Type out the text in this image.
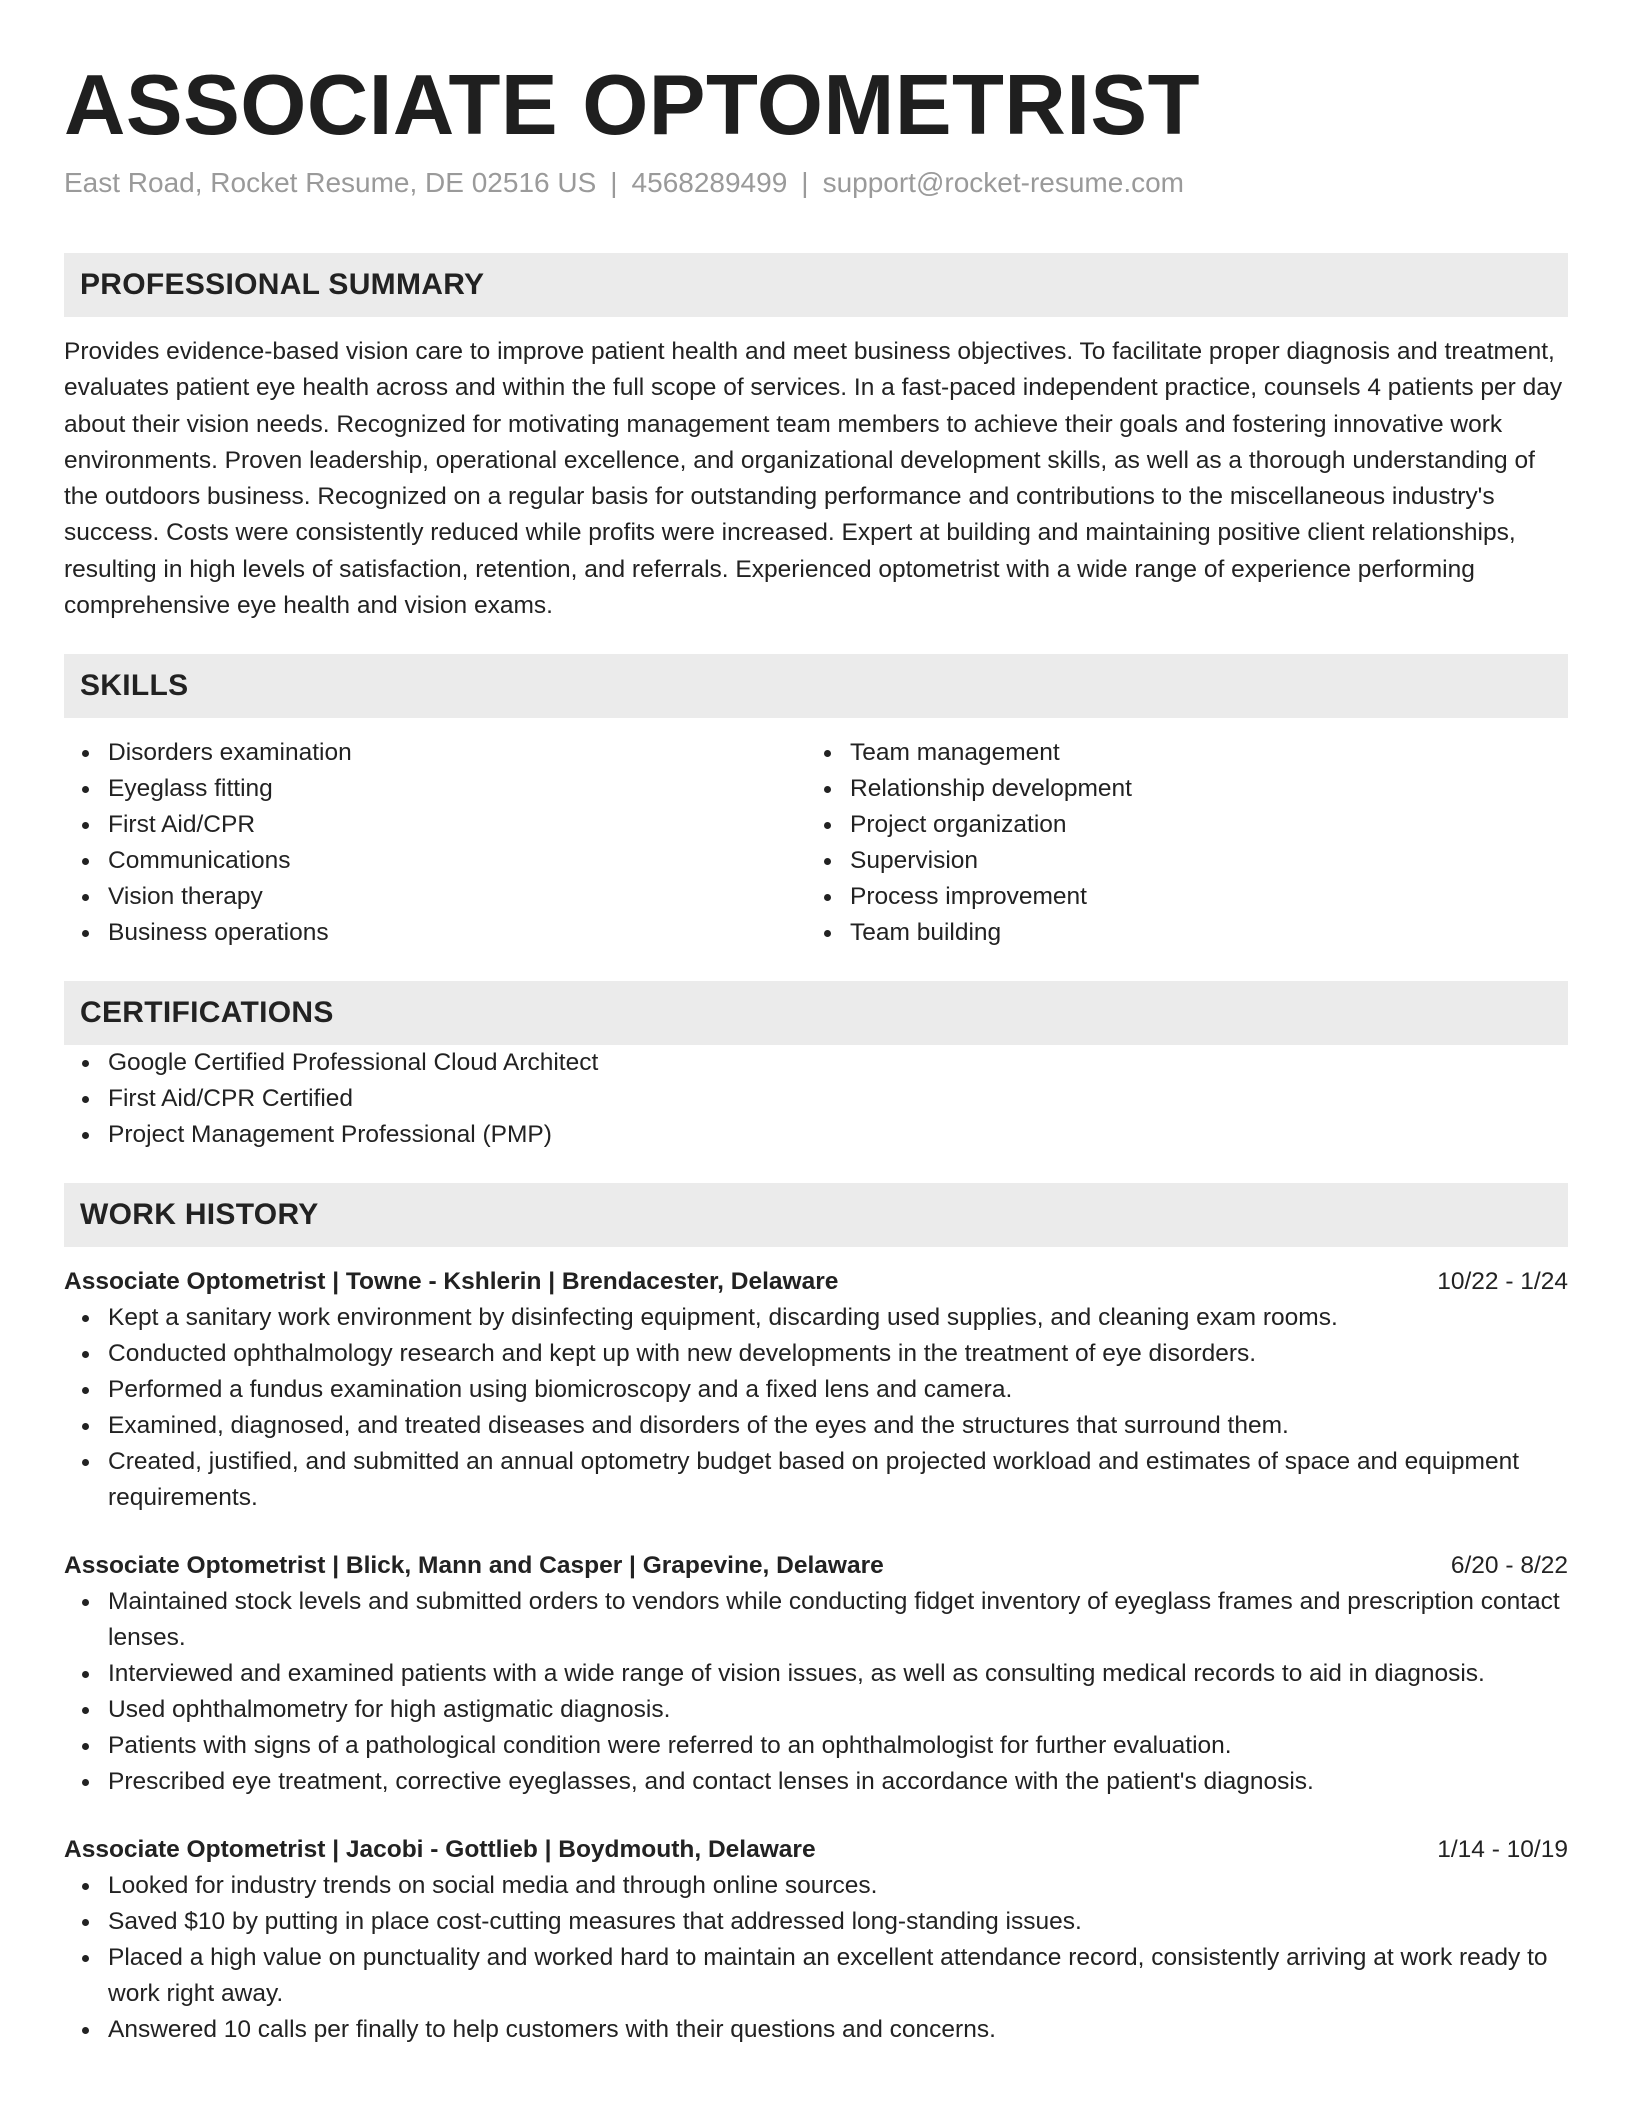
ASSOCIATE OPTOMETRIST
East Road, Rocket Resume, DE 02516 US | 4568289499 | support@rocket-resume.com
PROFESSIONAL SUMMARY
Provides evidence-based vision care to improve patient health and meet business objectives. To facilitate proper diagnosis and treatment, evaluates patient eye health across and within the full scope of services. In a fast-paced independent practice, counsels 4 patients per day about their vision needs. Recognized for motivating management team members to achieve their goals and fostering innovative work environments. Proven leadership, operational excellence, and organizational development skills, as well as a thorough understanding of the outdoors business. Recognized on a regular basis for outstanding performance and contributions to the miscellaneous industry's success. Costs were consistently reduced while profits were increased. Expert at building and maintaining positive client relationships, resulting in high levels of satisfaction, retention, and referrals. Experienced optometrist with a wide range of experience performing comprehensive eye health and vision exams.
SKILLS
Disorders examination
Eyeglass fitting
First Aid/CPR
Communications
Vision therapy
Business operations
Team management
Relationship development
Project organization
Supervision
Process improvement
Team building
CERTIFICATIONS
Google Certified Professional Cloud Architect
First Aid/CPR Certified
Project Management Professional (PMP)
WORK HISTORY
Associate Optometrist | Towne - Kshlerin | Brendacester, Delaware	10/22 - 1/24
Kept a sanitary work environment by disinfecting equipment, discarding used supplies, and cleaning exam rooms.
Conducted ophthalmology research and kept up with new developments in the treatment of eye disorders.
Performed a fundus examination using biomicroscopy and a fixed lens and camera.
Examined, diagnosed, and treated diseases and disorders of the eyes and the structures that surround them.
Created, justified, and submitted an annual optometry budget based on projected workload and estimates of space and equipment requirements.
Associate Optometrist | Blick, Mann and Casper | Grapevine, Delaware	6/20 - 8/22
Maintained stock levels and submitted orders to vendors while conducting fidget inventory of eyeglass frames and prescription contact lenses.
Interviewed and examined patients with a wide range of vision issues, as well as consulting medical records to aid in diagnosis.
Used ophthalmometry for high astigmatic diagnosis.
Patients with signs of a pathological condition were referred to an ophthalmologist for further evaluation.
Prescribed eye treatment, corrective eyeglasses, and contact lenses in accordance with the patient's diagnosis.
Associate Optometrist | Jacobi - Gottlieb | Boydmouth, Delaware	1/14 - 10/19
Looked for industry trends on social media and through online sources.
Saved $10 by putting in place cost-cutting measures that addressed long-standing issues.
Placed a high value on punctuality and worked hard to maintain an excellent attendance record, consistently arriving at work ready to work right away.
Answered 10 calls per finally to help customers with their questions and concerns.
